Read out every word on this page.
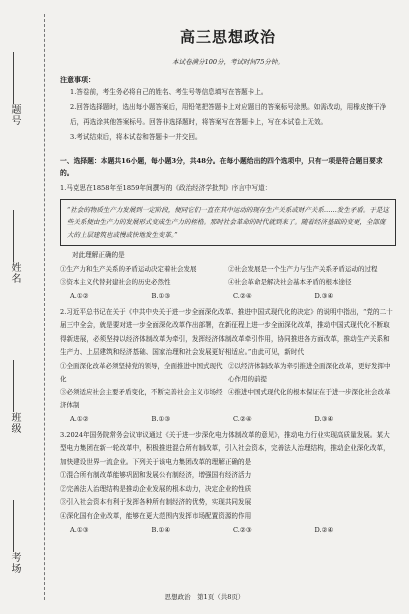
题号
姓名
班级
考场
高三思想政治
本试卷满分100分，考试时间75分钟。
注意事项：
1.答卷前，考生务必将自己的姓名、考生号等信息填写在答题卡上。
2.回答选择题时，选出每小题答案后，用铅笔把答题卡上对应题目的答案标号涂黑。如需改动，用橡皮擦干净后，再选涂其他答案标号。回答非选择题时，将答案写在答题卡上，写在本试卷上无效。
3.考试结束后，将本试卷和答题卡一并交回。
一、选择题：本题共16小题，每小题3分，共48分。在每小题给出的四个选项中，只有一项是符合题目要求的。
1.马克思在1858年至1859年间撰写的《政治经济学批判》序言中写道：
“社会的物质生产力发展到一定阶段，便同它们一直在其中运动的现存生产关系或财产关系……发生矛盾。于是这些关系便由生产力的发展形式变成生产力的桎梏。那时社会革命的时代就到来了。随着经济基础的变更，全部庞大的上层建筑也或慢或快地发生变革。”
对此理解正确的是
①生产力和生产关系的矛盾运动决定着社会发展	②社会发展是一个生产力与生产关系矛盾运动的过程
③资本主义代替封建社会的历史必然性	④社会革命是解决社会基本矛盾的根本途径
A.①②	B.①③	C.②④	D.③④
2.习近平总书记在关于《中共中央关于进一步全面深化改革、推进中国式现代化的决定》的说明中指出，“党的二十届三中全会，就是要对进一步全面深化改革作出部署，在新征程上进一步全面深化改革，推动中国式现代化不断取得新进展，必须坚持以经济体制改革为牵引，发挥经济体制改革牵引作用，协同推进各方面改革，推动生产关系和生产力、上层建筑和经济基础、国家治理和社会发展更好相适应。”由此可见，新时代
①全面深化改革必须坚持党的领导，全面推进中国式现代化
②以经济体制改革为牵引推进全面深化改革，更好发挥中心作用的前提
③必须适应社会主要矛盾变化，不断完善社会主义市场经济体制
④推进中国式现代化的根本保证在于进一步深化社会改革
A.①②	B.①③	C.②④	D.③④
3.2024年国务院常务会议审议通过《关于进一步深化电力体制改革的意见》，推动电力行业实现高质量发展。某大型电力集团在新一轮改革中，积极推进混合所有制改革，引入社会资本，完善法人治理结构，推动企业深化改革，加快建设世界一流企业。下列关于该电力集团改革的理解正确的是
①混合所有制改革能够巩固和发展公有制经济，增强国有经济活力
②完善法人治理结构是推动企业发展的根本动力，决定企业的性质
③引入社会资本有利于发挥各种所有制经济的优势，实现共同发展
④深化国有企业改革，能够在更大范围内发挥市场配置资源的作用
A.①③	B.①④	C.②③	D.②④
思想政治　第1页（共8页）
